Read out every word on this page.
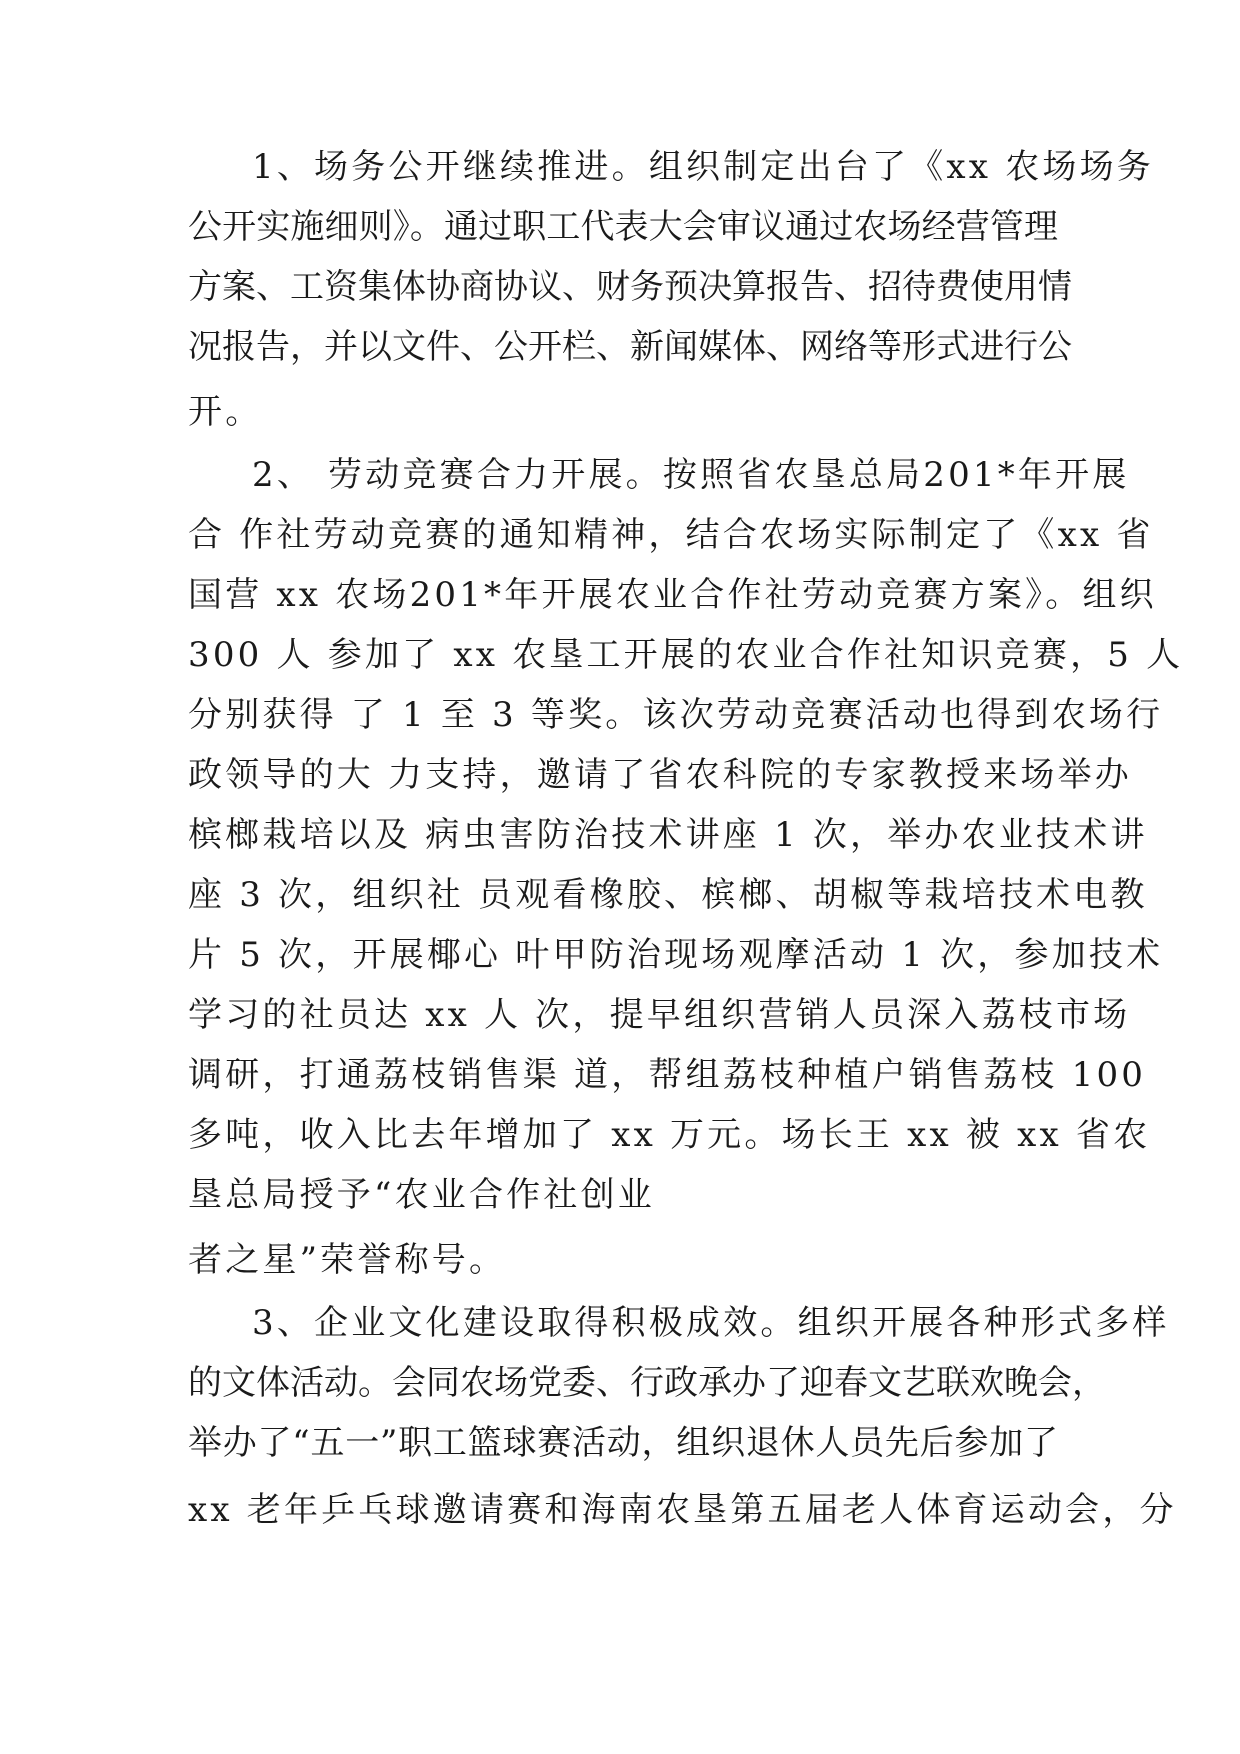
1、场务公开继续推进。组织制定出台了《xx 农场场务
公开实施细则》。通过职工代表大会审议通过农场经营管理
方案、工资集体协商协议、财务预决算报告、招待费使用情
况报告，并以文件、公开栏、新闻媒体、网络等形式进行公
开。
2、 劳动竞赛合力开展。按照省农垦总局201*年开展
合 作社劳动竞赛的通知精神，结合农场实际制定了《xx 省
国营 xx 农场201*年开展农业合作社劳动竞赛方案》。组织
300 人 参加了 xx 农垦工开展的农业合作社知识竞赛，5 人
分别获得 了 1 至 3 等奖。该次劳动竞赛活动也得到农场行
政领导的大 力支持，邀请了省农科院的专家教授来场举办
槟榔栽培以及 病虫害防治技术讲座 1 次，举办农业技术讲
座 3 次，组织社 员观看橡胶、槟榔、胡椒等栽培技术电教
片 5 次，开展椰心 叶甲防治现场观摩活动 1 次，参加技术
学习的社员达 xx 人 次，提早组织营销人员深入荔枝市场
调研，打通荔枝销售渠 道，帮组荔枝种植户销售荔枝 100
多吨，收入比去年增加了 xx 万元。场长王 xx 被 xx 省农
垦总局授予“农业合作社创业
者之星”荣誉称号。
3、企业文化建设取得积极成效。组织开展各种形式多样
的文体活动。会同农场党委、行政承办了迎春文艺联欢晚会，
举办了“五一”职工篮球赛活动，组织退休人员先后参加了
xx 老年乒乓球邀请赛和海南农垦第五届老人体育运动会，分
